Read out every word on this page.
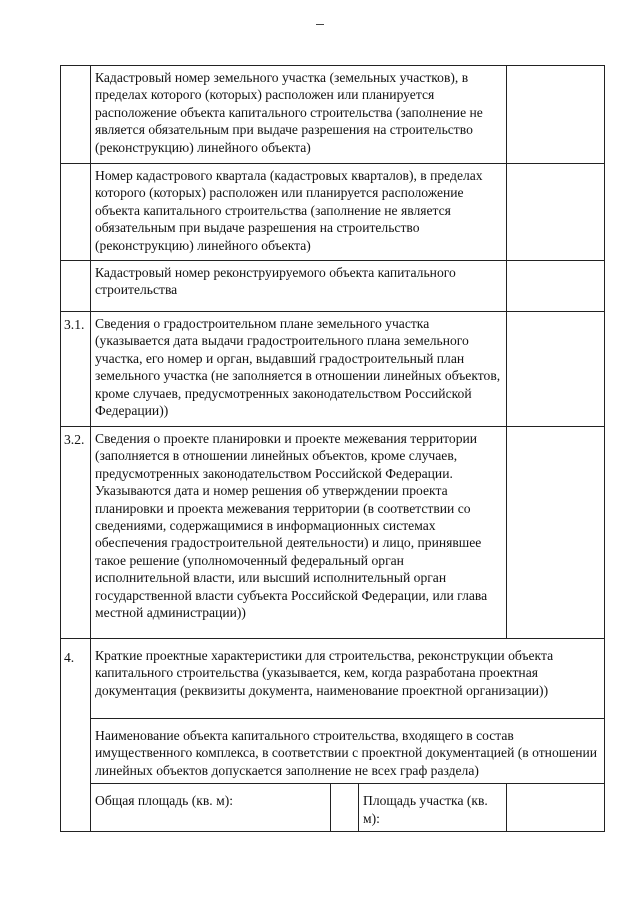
	Кадастровый номер земельного участка (земельных участков), в пределах которого (которых) расположен или планируется расположение объекта капитального строительства (заполнение не является обязательным при выдаче разрешения на строительство (реконструкцию) линейного объекта)			
	Номер кадастрового квартала (кадастровых кварталов), в пределах которого (которых) расположен или планируется расположение объекта капитального строительства (заполнение не является обязательным при выдаче разрешения на строительство (реконструкцию) линейного объекта)			
	Кадастровый номер реконструируемого объекта капитального строительства			
3.1.	Сведения о градостроительном плане земельного участка (указывается дата выдачи градостроительного плана земельного участка, его номер и орган, выдавший градостроительный план земельного участка (не заполняется в отношении линейных объектов, кроме случаев, предусмотренных законодательством Российской Федерации))			
3.2.	Сведения о проекте планировки и проекте межевания территории (заполняется в отношении линейных объектов, кроме случаев, предусмотренных законодательством Российской Федерации. Указываются дата и номер решения об утверждении проекта планировки и проекта межевания территории (в соответствии со сведениями, содержащимися в информационных системах обеспечения градостроительной деятельности) и лицо, принявшее такое решение (уполномоченный федеральный орган исполнительной власти, или высший исполнительный орган государственной власти субъекта Российской Федерации, или глава местной администрации))			
4.	Краткие проектные характеристики для строительства, реконструкции объекта капитального строительства (указывается, кем, когда разработана проектная документация (реквизиты документа, наименование проектной организации))			
	Наименование объекта капитального строительства, входящего в состав имущественного комплекса, в соответствии с проектной документацией (в отношении линейных объектов допускается заполнение не всех граф раздела)			
	Общая площадь (кв. м):		Площадь участка (кв. м):	
